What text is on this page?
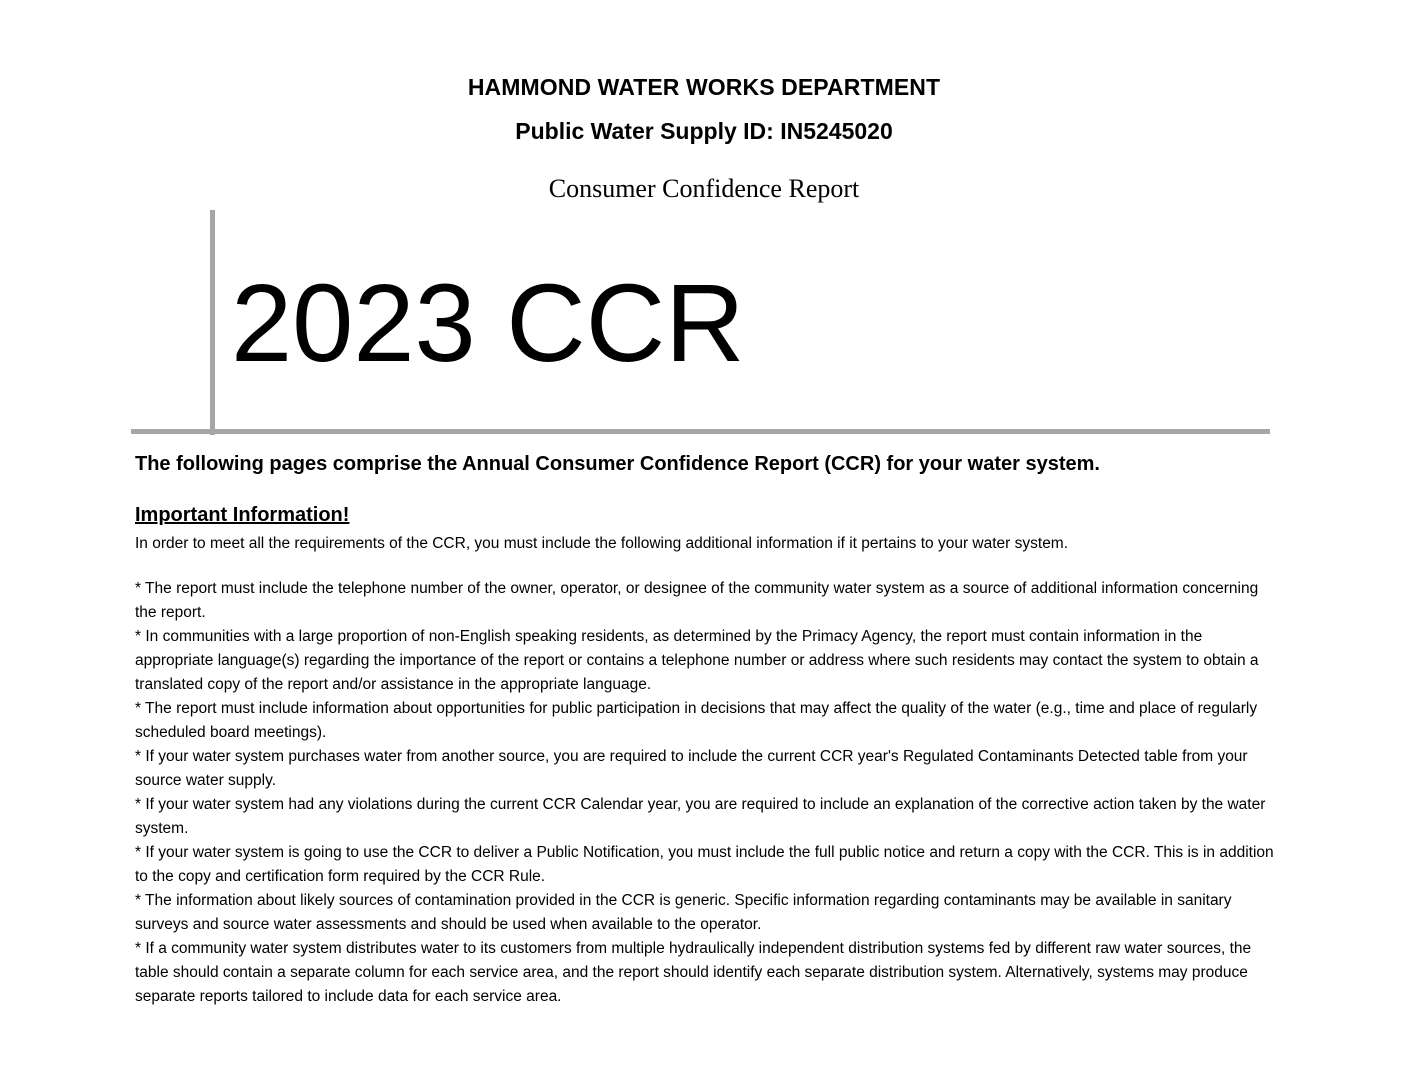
HAMMOND WATER WORKS DEPARTMENT
Public Water Supply ID: IN5245020
Consumer Confidence Report
2023 CCR
The following pages comprise the Annual Consumer Confidence Report (CCR) for your water system.
Important Information!
In order to meet all the requirements of the CCR, you must include the following additional information if it pertains to your water system.
* The report must include the telephone number of the owner, operator, or designee of the community water system as a source of additional information concerning the report.
* In communities with a large proportion of non-English speaking residents, as determined by the Primacy Agency, the report must contain information in the appropriate language(s) regarding the importance of the report or contains a telephone number or address where such residents may contact the system to obtain a translated copy of the report and/or assistance in the appropriate language.
* The report must include information about opportunities for public participation in decisions that may affect the quality of the water (e.g., time and place of regularly scheduled board meetings).
* If your water system purchases water from another source, you are required to include the current CCR year's Regulated Contaminants Detected table from your source water supply.
* If your water system had any violations during the current CCR Calendar year, you are required to include an explanation of the corrective action taken by the water system.
* If your water system is going to use the CCR to deliver a Public Notification, you must include the full public notice and return a copy with the CCR. This is in addition to the copy and certification form required by the CCR Rule.
* The information about likely sources of contamination provided in the CCR is generic. Specific information regarding contaminants may be available in sanitary surveys and source water assessments and should be used when available to the operator.
* If a community water system distributes water to its customers from multiple hydraulically independent distribution systems fed by different raw water sources, the table should contain a separate column for each service area, and the report should identify each separate distribution system. Alternatively, systems may produce separate reports tailored to include data for each service area.
